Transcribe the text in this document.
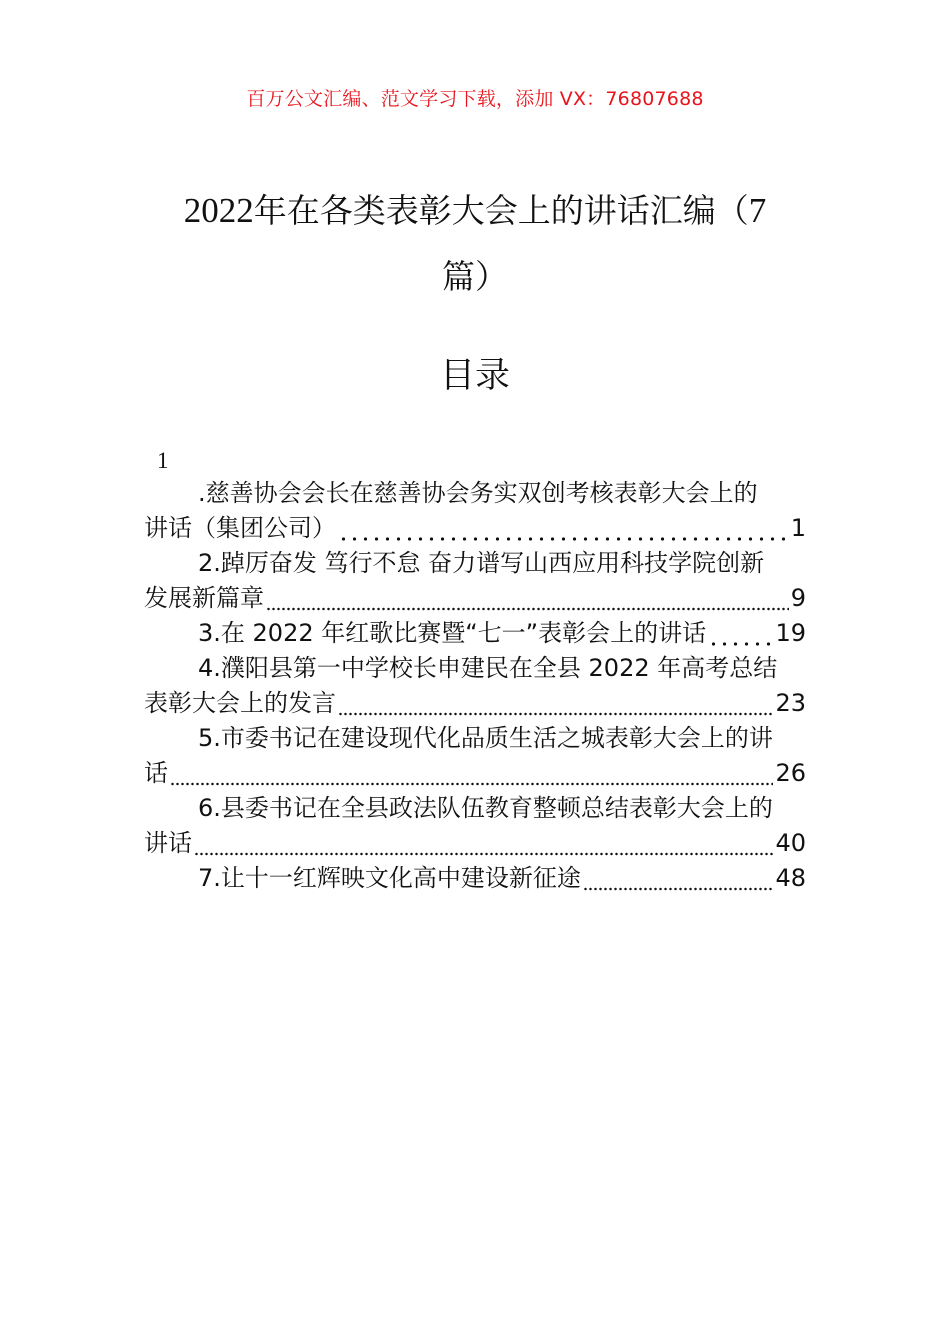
百万公文汇编、范文学习下载，添加 VX：76807688
2022年在各类表彰大会上的讲话汇编（7
篇）
目录
1
.慈善协会会长在慈善协会务实双创考核表彰大会上的
讲话（集团公司）	1
2.踔厉奋发 笃行不怠 奋力谱写山西应用科技学院创新
发展新篇章	9
3.在 2022 年红歌比赛暨“七一”表彰会上的讲话	19
4.濮阳县第一中学校长申建民在全县 2022 年高考总结
表彰大会上的发言	23
5.市委书记在建设现代化品质生活之城表彰大会上的讲
话	26
6.县委书记在全县政法队伍教育整顿总结表彰大会上的
讲话	40
7.让十一红辉映文化高中建设新征途	48
